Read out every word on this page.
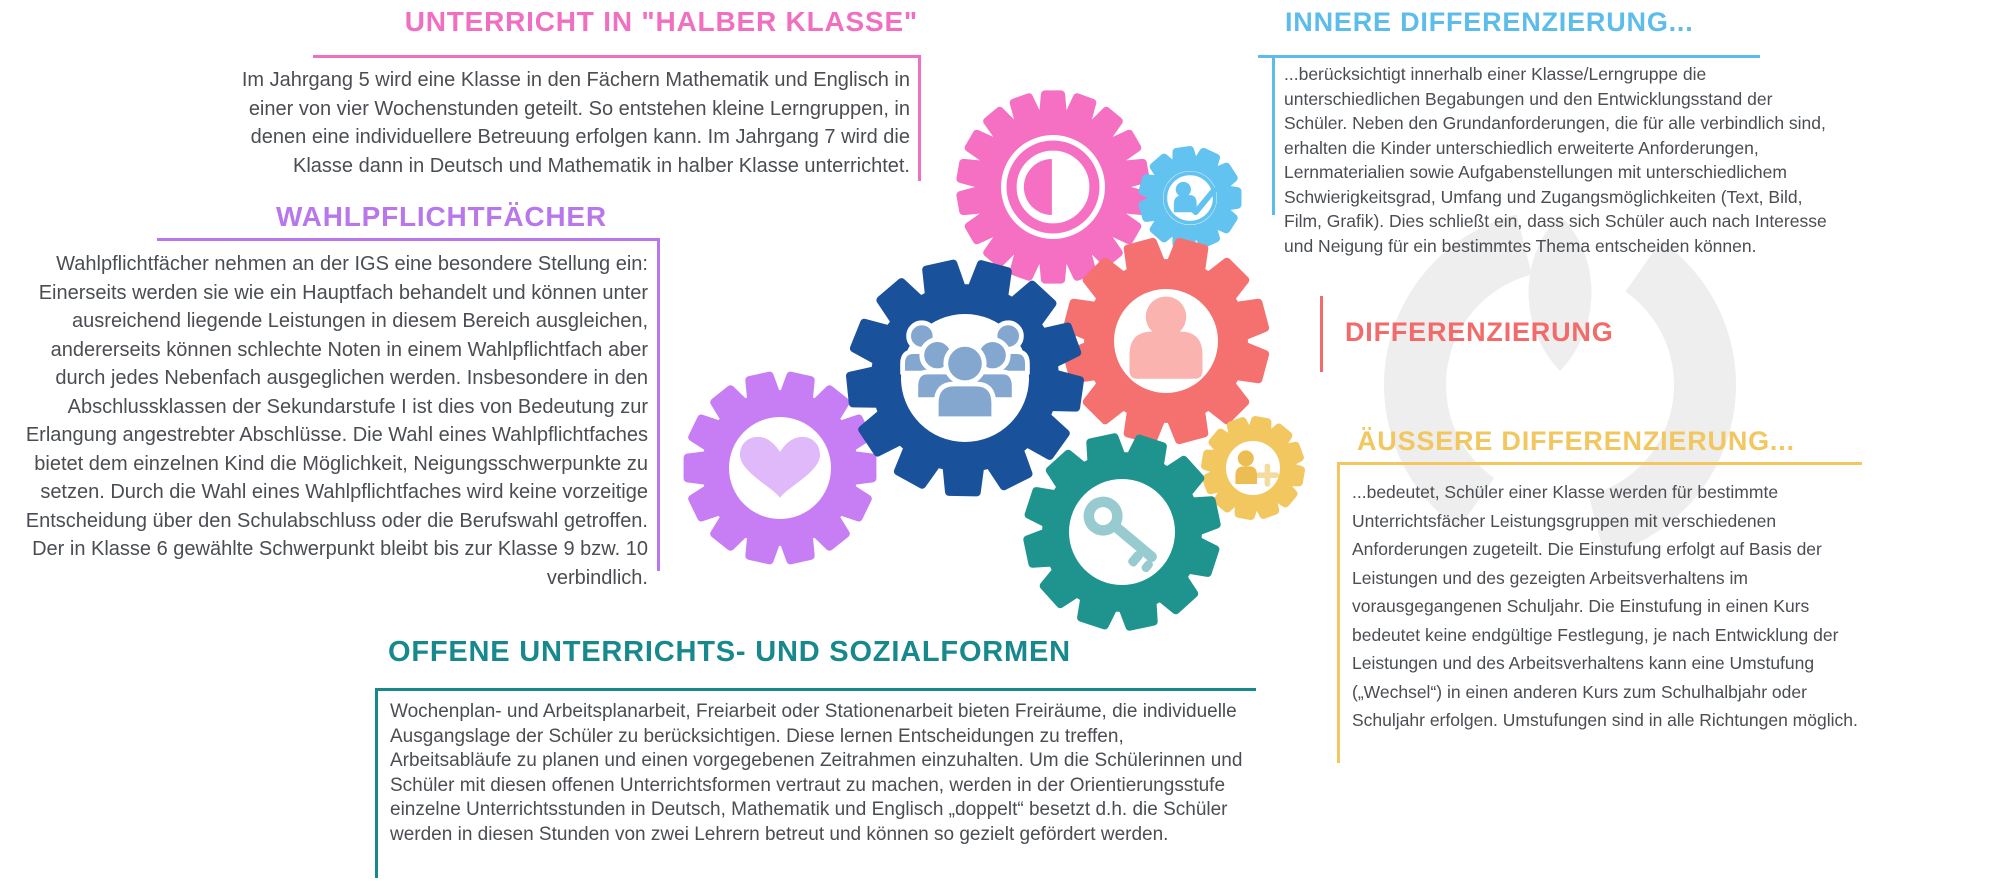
UNTERRICHT IN "HALBER KLASSE"
Im Jahrgang 5 wird eine Klasse in den Fächern Mathematik und Englisch in einer von vier Wochenstunden geteilt. So entstehen kleine Lerngruppen, in denen eine individuellere Betreuung erfolgen kann. Im Jahrgang 7 wird die Klasse dann in Deutsch und Mathematik in halber Klasse unterrichtet.
WAHLPFLICHTFÄCHER
Wahlpflichtfächer nehmen an der IGS eine besondere Stellung ein: Einerseits werden sie wie ein Hauptfach behandelt und können unter ausreichend liegende Leistungen in diesem Bereich ausgleichen, andererseits können schlechte Noten in einem Wahlpflichtfach aber durch jedes Nebenfach ausgeglichen werden. Insbesondere in den Abschlussklassen der Sekundarstufe I ist dies von Bedeutung zur Erlangung angestrebter Abschlüsse. Die Wahl eines Wahlpflichtfaches bietet dem einzelnen Kind die Möglichkeit, Neigungsschwerpunkte zu setzen. Durch die Wahl eines Wahlpflichtfaches wird keine vorzeitige Entscheidung über den Schulabschluss oder die Berufswahl getroffen. Der in Klasse 6 gewählte Schwerpunkt bleibt bis zur Klasse 9 bzw. 10 verbindlich.
INNERE DIFFERENZIERUNG...
...berücksichtigt innerhalb einer Klasse/Lerngruppe die unterschiedlichen Begabungen und den Entwicklungsstand der Schüler. Neben den Grundanforderungen, die für alle verbindlich sind, erhalten die Kinder unterschiedlich erweiterte Anforderungen, Lernmaterialien sowie Aufgabenstellungen mit unterschiedlichem Schwierigkeitsgrad, Umfang und Zugangsmöglichkeiten (Text, Bild, Film, Grafik). Dies schließt ein, dass sich Schüler auch nach Interesse und Neigung für ein bestimmtes Thema entscheiden können.
DIFFERENZIERUNG
ÄUSSERE DIFFERENZIERUNG...
...bedeutet, Schüler einer Klasse werden für bestimmte Unterrichtsfächer Leistungsgruppen mit verschiedenen Anforderungen zugeteilt. Die Einstufung erfolgt auf Basis der Leistungen und des gezeigten Arbeitsverhaltens im vorausgegangenen Schuljahr. Die Einstufung in einen Kurs bedeutet keine endgültige Festlegung, je nach Entwicklung der Leistungen und des Arbeitsverhaltens kann eine Umstufung („Wechsel“) in einen anderen Kurs zum Schulhalbjahr oder Schuljahr erfolgen. Umstufungen sind in alle Richtungen möglich.
OFFENE UNTERRICHTS- UND SOZIALFORMEN
Wochenplan- und Arbeitsplanarbeit, Freiarbeit oder Stationenarbeit bieten Freiräume, die individuelle Ausgangslage der Schüler zu berücksichtigen. Diese lernen Entscheidungen zu treffen, Arbeitsabläufe zu planen und einen vorgegebenen Zeitrahmen einzuhalten. Um die Schülerinnen und Schüler mit diesen offenen Unterrichtsformen vertraut zu machen, werden in der Orientierungsstufe einzelne Unterrichtsstunden in Deutsch, Mathematik und Englisch „doppelt“ besetzt d.h. die Schüler werden in diesen Stunden von zwei Lehrern betreut und können so gezielt gefördert werden.
